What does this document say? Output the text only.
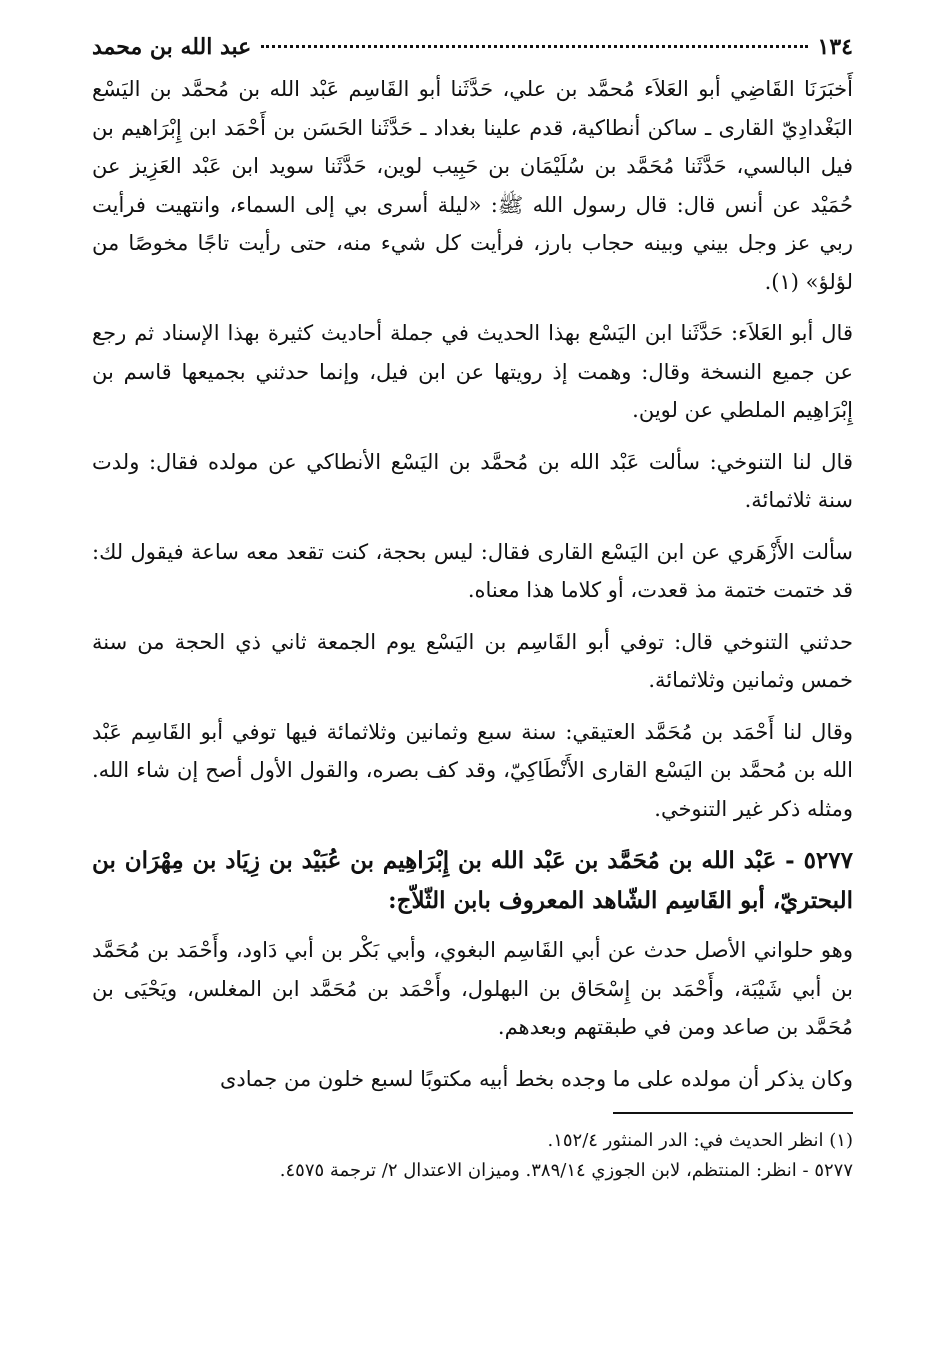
١٣٤
عبد الله بن محمد

أَخبَرَنَا القَاضِي أبو العَلاَء مُحمَّد بن علي، حَدَّثَنا أبو القَاسِم عَبْد الله بن مُحمَّد بن اليَسْع البَغْدادِيّ القارى ـ ساكن أنطاكية، قدم علينا بغداد ـ حَدَّثَنا الحَسَن بن أَحْمَد ابن إِبْرَاهيم بن فيل البالسي، حَدَّثَنا مُحَمَّد بن سُلَيْمَان بن حَبِيب لوين، حَدَّثَنا سويد ابن عَبْد العَزِيز عن حُمَيْد عن أنس قال: قال رسول الله ﷺ: «ليلة أسرى بي إلى السماء، وانتهيت فرأيت ربي عز وجل بيني وبينه حجاب بارز، فرأيت كل شيء منه، حتى رأيت تاجًا مخوصًا من لؤلؤ» (١).

قال أبو العَلاَء: حَدَّثَنا ابن اليَسْع بهذا الحديث في جملة أحاديث كثيرة بهذا الإسناد ثم رجع عن جميع النسخة وقال: وهمت إذ رويتها عن ابن فيل، وإنما حدثني بجميعها قاسم بن إِبْرَاهِيم الملطي عن لوين.

قال لنا التنوخي: سألت عَبْد الله بن مُحمَّد بن اليَسْع الأنطاكي عن مولده فقال: ولدت سنة ثلاثمائة.

سألت الأَزْهَري عن ابن اليَسْع القارى فقال: ليس بحجة، كنت تقعد معه ساعة فيقول لك: قد ختمت ختمة مذ قعدت، أو كلاما هذا معناه.

حدثني التنوخي قال: توفي أبو القَاسِم بن اليَسْع يوم الجمعة ثاني ذي الحجة من سنة خمس وثمانين وثلاثمائة.

وقال لنا أَحْمَد بن مُحَمَّد العتيقي: سنة سبع وثمانين وثلاثمائة فيها توفي أبو القَاسِم عَبْد الله بن مُحمَّد بن اليَسْع القارى الأَنْطَاكِيّ، وقد كف بصره، والقول الأول أصح إن شاء الله. ومثله ذكر غير التنوخي.

٥٢٧٧ - عَبْد الله بن مُحَمَّد بن عَبْد الله بن إِبْرَاهِيم بن عُبَيْد بن زِيَاد بن مِهْرَان بن البحتريّ، أبو القَاسِم الشّاهد المعروف بابن الثّلاّج:

وهو حلواني الأصل حدث عن أبي القَاسِم البغوي، وأبي بَكْر بن أبي دَاود، وأَحْمَد بن مُحَمَّد بن أبي شَيْبَة، وأَحْمَد بن إِسْحَاق بن البهلول، وأَحْمَد بن مُحَمَّد ابن المغلس، ويَحْيَى بن مُحَمَّد بن صاعد ومن في طبقتهم وبعدهم.

وكان يذكر أن مولده على ما وجده بخط أبيه مكتوبًا لسبع خلون من جمادى

(١) انظر الحديث في: الدر المنثور ١٥٢/٤.

٥٢٧٧ - انظر: المنتظم، لابن الجوزي ٣٨٩/١٤. وميزان الاعتدال ٢/ ترجمة ٤٥٧٥.
